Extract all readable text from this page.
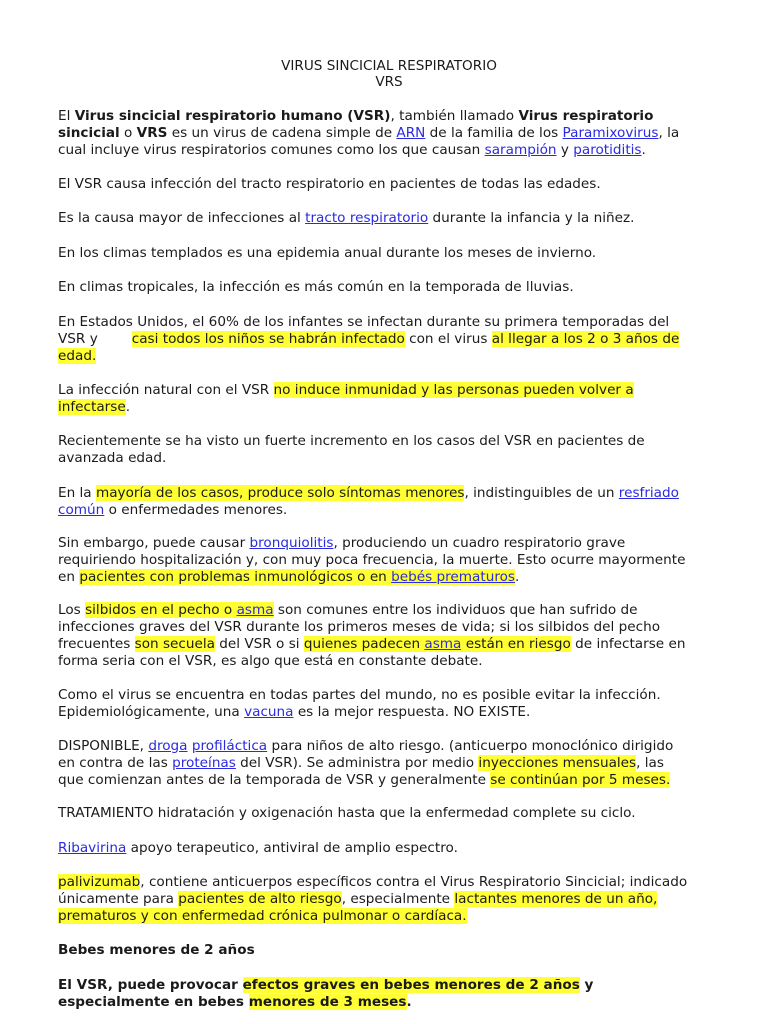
VIRUS SINCICIAL RESPIRATORIO
VRS

El Virus sincicial respiratorio humano (VSR), también llamado Virus respiratorio
sincicial o VRS es un virus de cadena simple de ARN de la familia de los Paramixovirus, la
cual incluye virus respiratorios comunes como los que causan sarampión y parotiditis.

El VSR causa infección del tracto respiratorio en pacientes de todas las edades.

Es la causa mayor de infecciones al tracto respiratorio durante la infancia y la niñez.

En los climas templados es una epidemia anual durante los meses de invierno.

En climas tropicales, la infección es más común en la temporada de lluvias.

En Estados Unidos, el 60% de los infantes se infectan durante su primera temporadas del
VSR y	casi todos los niños se habrán infectado con el virus al llegar a los 2 o 3 años de
edad.

La infección natural con el VSR no induce inmunidad y las personas pueden volver a
infectarse.

Recientemente se ha visto un fuerte incremento en los casos del VSR en pacientes de
avanzada edad.

En la mayoría de los casos, produce solo síntomas menores, indistinguibles de un resfriado
común o enfermedades menores.

Sin embargo, puede causar bronquiolitis, produciendo un cuadro respiratorio grave
requiriendo hospitalización y, con muy poca frecuencia, la muerte. Esto ocurre mayormente
en pacientes con problemas inmunológicos o en bebés prematuros.

Los silbidos en el pecho o asma son comunes entre los individuos que han sufrido de
infecciones graves del VSR durante los primeros meses de vida; si los silbidos del pecho
frecuentes son secuela del VSR o si quienes padecen asma están en riesgo de infectarse en
forma seria con el VSR, es algo que está en constante debate.

Como el virus se encuentra en todas partes del mundo, no es posible evitar la infección.
Epidemiológicamente, una vacuna es la mejor respuesta. NO EXISTE.

DISPONIBLE, droga profiláctica para niños de alto riesgo. (anticuerpo monoclónico dirigido
en contra de las proteínas del VSR). Se administra por medio inyecciones mensuales, las
que comienzan antes de la temporada de VSR y generalmente se continúan por 5 meses.

TRATAMIENTO hidratación y oxigenación hasta que la enfermedad complete su ciclo.

Ribavirina apoyo terapeutico, antiviral de amplio espectro.

palivizumab, contiene anticuerpos específicos contra el Virus Respiratorio Sincicial; indicado
únicamente para pacientes de alto riesgo, especialmente lactantes menores de un año,
prematuros y con enfermedad crónica pulmonar o cardíaca.

Bebes menores de 2 años

El VSR, puede provocar efectos graves en bebes menores de 2 años y
especialmente en bebes menores de 3 meses.
